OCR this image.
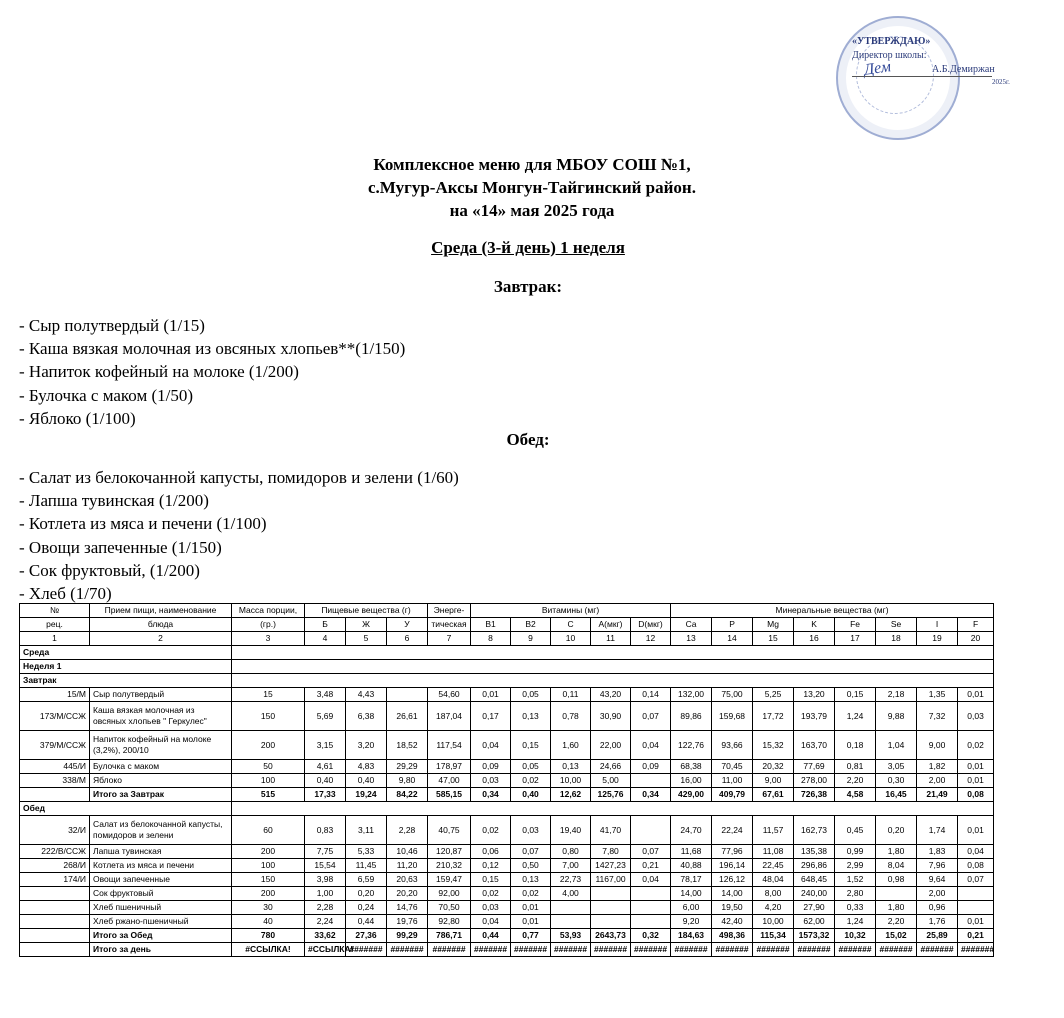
«УТВЕРЖДАЮ»
Директор школы:
Дем	А.Б.Демиржан
2025г.
Комплексное меню для МБОУ СОШ №1,
с.Мугур-Аксы Монгун-Тайгинский район.
на «14» мая 2025 года
Среда (3-й день) 1 неделя
Завтрак:
- Сыр полутвердый (1/15)
- Каша вязкая молочная из овсяных хлопьев**(1/150)
- Напиток кофейный на молоке (1/200)
- Булочка с маком (1/50)
- Яблоко (1/100)
Обед:
- Салат из белокочанной капусты, помидоров и зелени (1/60)
- Лапша тувинская (1/200)
- Котлета из мяса и печени (1/100)
- Овощи запеченные (1/150)
- Сок фруктовый, (1/200)
- Хлеб (1/70)
№	Прием пищи, наименование	Масса порции,	Пищевые вещества (г)			Энерге-	Витамины (мг)					Минеральные вещества (мг)							
рец.	блюда	(гр.)	Б	Ж	У	тическая	B1	B2	C	A(мкг)	D(мкг)	Ca	P	Mg	K	Fe	Se	I	F
1	2	3	4	5	6	7	8	9	10	11	12	13	14	15	16	17	18	19	20
Среда																			
Неделя 1																			
Завтрак																			
15/М	Сыр полутвердый	15	3,48	4,43		54,60	0,01	0,05	0,11	43,20	0,14	132,00	75,00	5,25	13,20	0,15	2,18	1,35	0,01
173/М/ССЖ	Каша вязкая молочная из овсяных хлопьев " Геркулес"	150	5,69	6,38	26,61	187,04	0,17	0,13	0,78	30,90	0,07	89,86	159,68	17,72	193,79	1,24	9,88	7,32	0,03
379/М/ССЖ	Напиток кофейный на молоке (3,2%), 200/10	200	3,15	3,20	18,52	117,54	0,04	0,15	1,60	22,00	0,04	122,76	93,66	15,32	163,70	0,18	1,04	9,00	0,02
445/И	Булочка с маком	50	4,61	4,83	29,29	178,97	0,09	0,05	0,13	24,66	0,09	68,38	70,45	20,32	77,69	0,81	3,05	1,82	0,01
338/М	Яблоко	100	0,40	0,40	9,80	47,00	0,03	0,02	10,00	5,00		16,00	11,00	9,00	278,00	2,20	0,30	2,00	0,01
	Итого за Завтрак	515	17,33	19,24	84,22	585,15	0,34	0,40	12,62	125,76	0,34	429,00	409,79	67,61	726,38	4,58	16,45	21,49	0,08
Обед																			
32/И	Салат из белокочанной капусты, помидоров и зелени	60	0,83	3,11	2,28	40,75	0,02	0,03	19,40	41,70		24,70	22,24	11,57	162,73	0,45	0,20	1,74	0,01
222/В/ССЖ	Лапша тувинская	200	7,75	5,33	10,46	120,87	0,06	0,07	0,80	7,80	0,07	11,68	77,96	11,08	135,38	0,99	1,80	1,83	0,04
268/И	Котлета из мяса и печени	100	15,54	11,45	11,20	210,32	0,12	0,50	7,00	1427,23	0,21	40,88	196,14	22,45	296,86	2,99	8,04	7,96	0,08
174/И	Овощи запеченные	150	3,98	6,59	20,63	159,47	0,15	0,13	22,73	1167,00	0,04	78,17	126,12	48,04	648,45	1,52	0,98	9,64	0,07
	Сок фруктовый	200	1,00	0,20	20,20	92,00	0,02	0,02	4,00			14,00	14,00	8,00	240,00	2,80		2,00	
	Хлеб пшеничный	30	2,28	0,24	14,76	70,50	0,03	0,01				6,00	19,50	4,20	27,90	0,33	1,80	0,96	
	Хлеб ржано-пшеничный	40	2,24	0,44	19,76	92,80	0,04	0,01				9,20	42,40	10,00	62,00	1,24	2,20	1,76	0,01
	Итого за Обед	780	33,62	27,36	99,29	786,71	0,44	0,77	53,93	2643,73	0,32	184,63	498,36	115,34	1573,32	10,32	15,02	25,89	0,21
	Итого за день	#ССЫЛКА!	#ССЫЛКА!	#######	#######	#######	#######	#######	#######	#######	#######	#######	#######	#######	#######	#######	#######	#######	#######
